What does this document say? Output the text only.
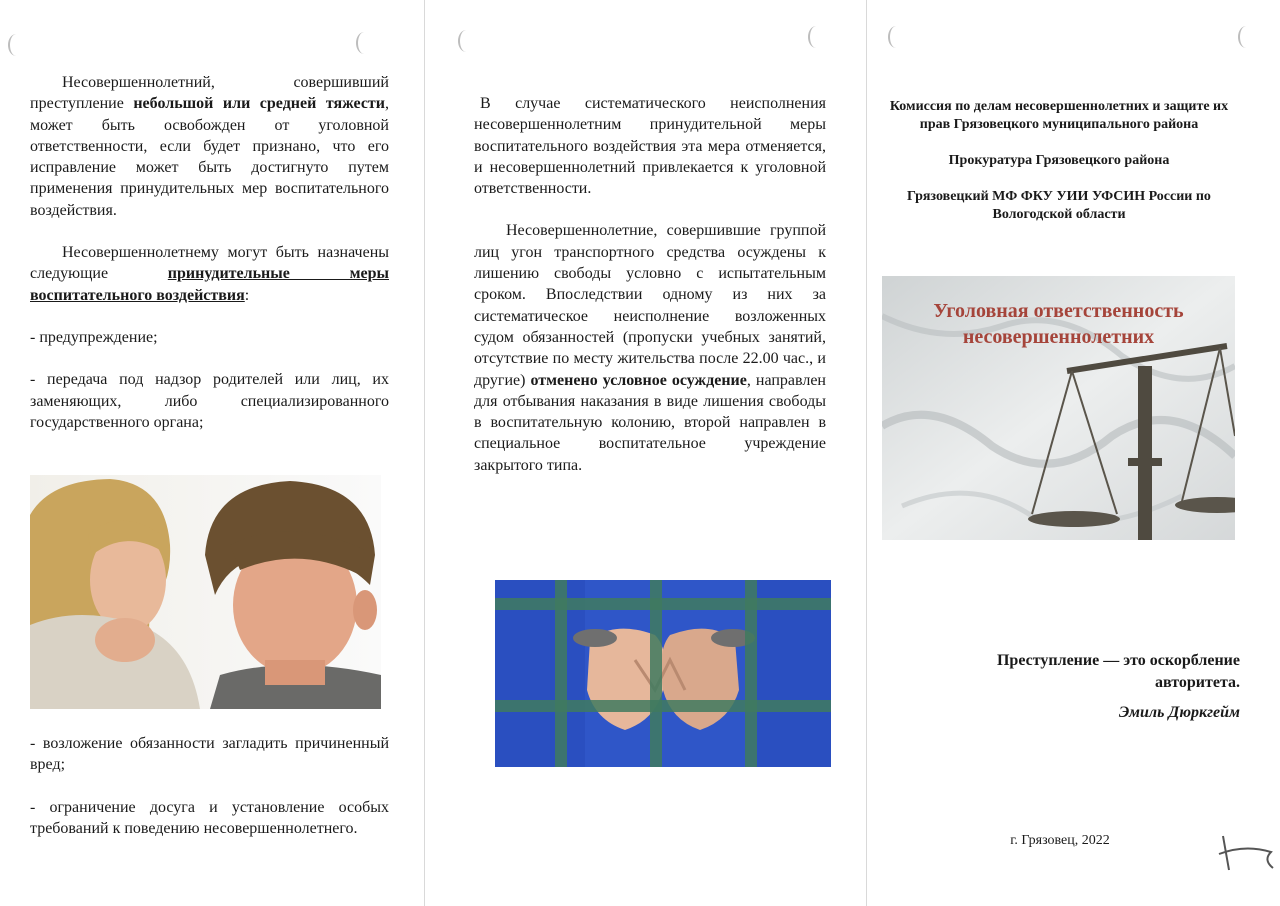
Несовершеннолетний, совершивший преступление небольшой или средней тяжести, может быть освобожден от уголовной ответственности, если будет признано, что его исправление может быть достигнуто путем применения принудительных мер воспитательного воздействия.

Несовершеннолетнему могут быть назначены следующие	принудительные меры воспитательного воздействия:

- предупреждение;

- передача под надзор родителей или лиц, их заменяющих, либо специализированного государственного органа;

- возложение обязанности загладить причиненный вред;

- ограничение досуга и установление особых требований к поведению несовершеннолетнего.

В случае систематического неисполнения несовершеннолетним принудительной меры воспитательного воздействия эта мера отменяется, и несовершеннолетний привлекается к уголовной ответственности.

Несовершеннолетние, совершившие группой лиц угон транспортного средства осуждены к лишению свободы условно с испытательным сроком. Впоследствии одному из них за систематическое неисполнение возложенных судом обязанностей (пропуски учебных занятий, отсутствие по месту жительства после 22.00 час., и другие) отменено условное осуждение, направлен для отбывания наказания в виде лишения свободы в воспитательную колонию, второй направлен в специальное воспитательное учреждение закрытого типа.

Комиссия по делам несовершеннолетних и защите их прав Грязовецкого муниципального района
Прокуратура Грязовецкого района
Грязовецкий МФ ФКУ УИИ УФСИН России по Вологодской области
Уголовная ответственность несовершеннолетних
Преступление — это оскорбление авторитета.
Эмиль Дюркгейм
г. Грязовец, 2022
